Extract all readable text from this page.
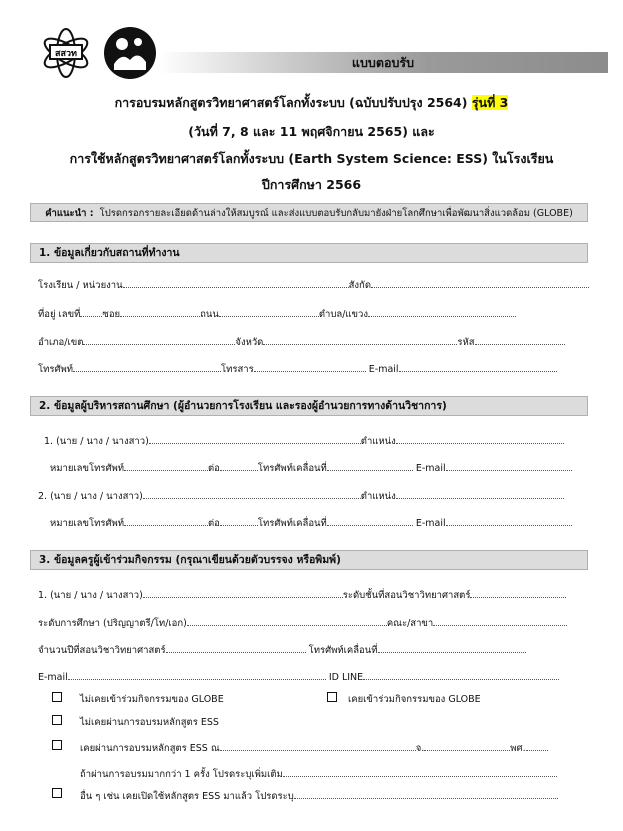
สสวท
แบบตอบรับ
การอบรมหลักสูตรวิทยาศาสตร์โลกทั้งระบบ (ฉบับปรับปรุง 2564) รุ่นที่ 3
(วันที่ 7, 8 และ 11 พฤศจิกายน 2565) และ
การใช้หลักสูตรวิทยาศาสตร์โลกทั้งระบบ (Earth System Science: ESS) ในโรงเรียน
ปีการศึกษา 2566
คำแนะนำ : โปรดกรอกรายละเอียดด้านล่างให้สมบูรณ์ และส่งแบบตอบรับกลับมายังฝ่ายโลกศึกษาเพื่อพัฒนาสิ่งแวดล้อม (GLOBE)
1. ข้อมูลเกี่ยวกับสถานที่ทำงาน
โรงเรียน / หน่วยงาน	สังกัด
ที่อยู่ เลขที่ ซอย	ถนน	ตำบล/แขวง
อำเภอ/เขต	จังหวัด	รหัส
โทรศัพท์	โทรสาร	E-mail
2. ข้อมูลผู้บริหารสถานศึกษา (ผู้อำนวยการโรงเรียน และรองผู้อำนวยการทางด้านวิชาการ)
1. (นาย / นาง / นางสาว)	ตำแหน่ง
หมายเลขโทรศัพท์	ต่อ	โทรศัพท์เคลื่อนที่	E-mail
2. (นาย / นาง / นางสาว)	ตำแหน่ง
หมายเลขโทรศัพท์	ต่อ	โทรศัพท์เคลื่อนที่	E-mail
3. ข้อมูลครูผู้เข้าร่วมกิจกรรม (กรุณาเขียนด้วยตัวบรรจง หรือพิมพ์)
1. (นาย / นาง / นางสาว)	ระดับชั้นที่สอนวิชาวิทยาศาสตร์
ระดับการศึกษา (ปริญญาตรี/โท/เอก)	คณะ/สาขา
จำนวนปีที่สอนวิชาวิทยาศาสตร์	โทรศัพท์เคลื่อนที่
E-mail	ID LINE
ไม่เคยเข้าร่วมกิจกรรมของ GLOBE	เคยเข้าร่วมกิจกรรมของ GLOBE
ไม่เคยผ่านการอบรมหลักสูตร ESS
เคยผ่านการอบรมหลักสูตร ESS ณ	จ.	พศ.
ถ้าผ่านการอบรมมากกว่า 1 ครั้ง โปรดระบุเพิ่มเติม
อื่น ๆ เช่น เคยเปิดใช้หลักสูตร ESS มาแล้ว โปรดระบุ
